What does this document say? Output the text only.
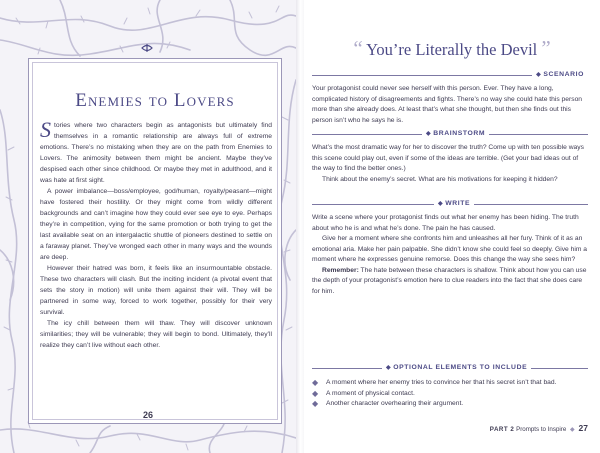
Enemies to Lovers

Stories where two characters begin as antagonists but ultimately find themselves in a romantic relationship are always full of extreme emotions. There’s no mistaking when they are on the path from Enemies to Lovers. The animosity between them might be ancient. Maybe they’ve despised each other since childhood. Or maybe they met in adulthood, and it was hate at first sight.

A power imbalance—boss/employee, god/human, royalty/peasant—might have fostered their hostility. Or they might come from wildly different backgrounds and can’t imagine how they could ever see eye to eye. Perhaps they’re in competition, vying for the same promotion or both trying to get the last available seat on an intergalactic shuttle of pioneers destined to settle on a faraway planet. They’ve wronged each other in many ways and the wounds are deep.

However their hatred was born, it feels like an insurmountable obstacle. These two characters will clash. But the inciting incident (a pivotal event that sets the story in motion) will unite them against their will. They will be partnered in some way, forced to work together, possibly for their very survival.

The icy chill between them will thaw. They will discover unknown similarities; they will be vulnerable; they will begin to bond. Ultimately, they’ll realize they can’t live without each other.

26
“ You’re Literally the Devil ”
◆ SCENARIO

Your protagonist could never see herself with this person. Ever. They have a long, complicated history of disagreements and fights. There’s no way she could hate this person more than she already does. At least that’s what she thought, but then she finds out this person isn’t who he says he is.

◆ BRAINSTORM

What’s the most dramatic way for her to discover the truth? Come up with ten possible ways this scene could play out, even if some of the ideas are terrible. (Get your bad ideas out of the way to find the better ones.)

Think about the enemy’s secret. What are his motivations for keeping it hidden?

◆ WRITE

Write a scene where your protagonist finds out what her enemy has been hiding. The truth about who he is and what he’s done. The pain he has caused.

Give her a moment where she confronts him and unleashes all her fury. Think of it as an emotional aria. Make her pain palpable. She didn’t know she could feel so deeply. Give him a moment where he expresses genuine remorse. Does this change the way she sees him?

Remember: The hate between these characters is shallow. Think about how you can use the depth of your protagonist’s emotion here to clue readers into the fact that she does care for him.

◆ OPTIONAL ELEMENTS TO INCLUDE
◆ A moment where her enemy tries to convince her that his secret isn’t that bad.
◆ A moment of physical contact.
◆ Another character overhearing their argument.
PART 2 Prompts to Inspire ◆ 27
